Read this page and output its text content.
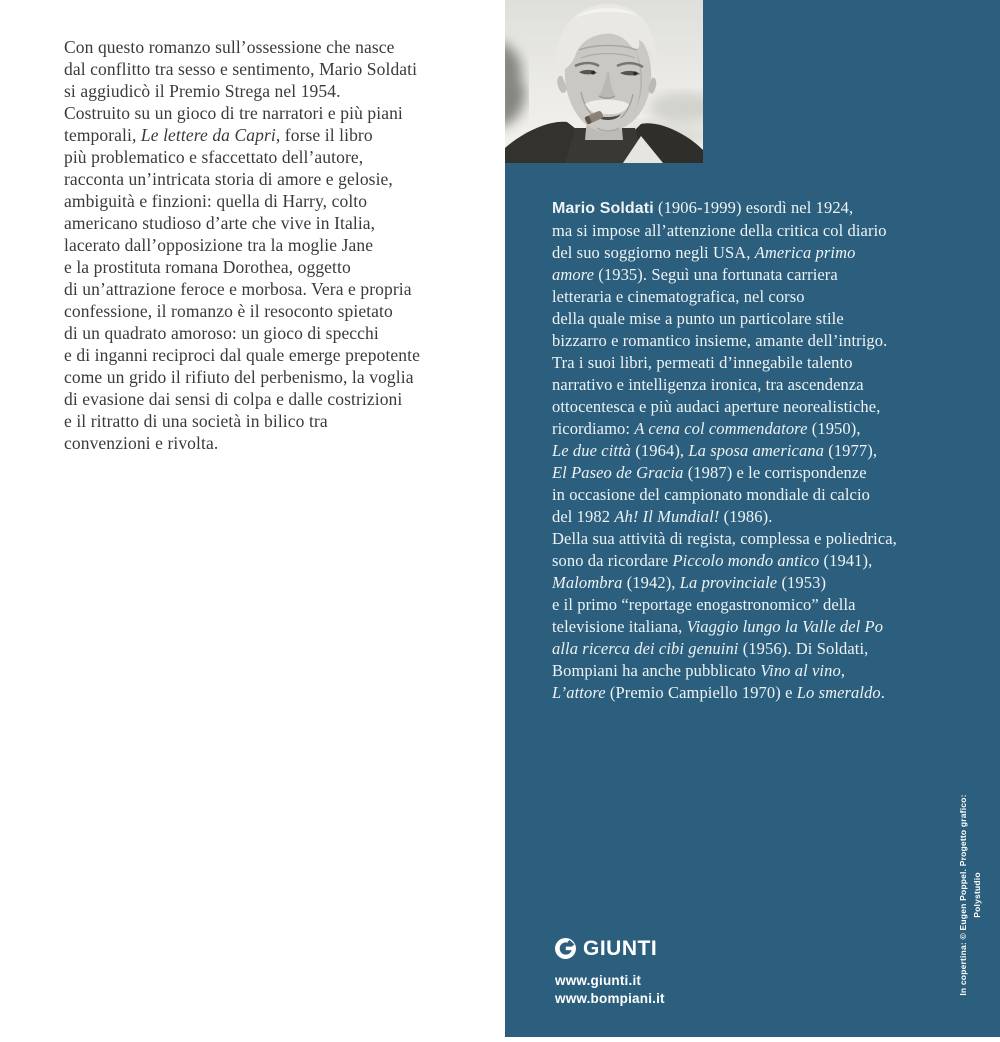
Con questo romanzo sull’ossessione che nasce
dal conflitto tra sesso e sentimento, Mario Soldati
si aggiudicò il Premio Strega nel 1954.
Costruito su un gioco di tre narratori e più piani
temporali, Le lettere da Capri, forse il libro
più problematico e sfaccettato dell’autore,
racconta un’intricata storia di amore e gelosie,
ambiguità e finzioni: quella di Harry, colto
americano studioso d’arte che vive in Italia,
lacerato dall’opposizione tra la moglie Jane
e la prostituta romana Dorothea, oggetto
di un’attrazione feroce e morbosa. Vera e propria
confessione, il romanzo è il resoconto spietato
di un quadrato amoroso: un gioco di specchi
e di inganni reciproci dal quale emerge prepotente
come un grido il rifiuto del perbenismo, la voglia
di evasione dai sensi di colpa e dalle costrizioni
e il ritratto di una società in bilico tra
convenzioni e rivolta.
Mario Soldati (1906-1999) esordì nel 1924,
ma si impose all’attenzione della critica col diario
del suo soggiorno negli USA, America primo
amore (1935). Seguì una fortunata carriera
letteraria e cinematografica, nel corso
della quale mise a punto un particolare stile
bizzarro e romantico insieme, amante dell’intrigo.
Tra i suoi libri, permeati d’innegabile talento
narrativo e intelligenza ironica, tra ascendenza
ottocentesca e più audaci aperture neorealistiche,
ricordiamo: A cena col commendatore (1950),
Le due città (1964), La sposa americana (1977),
El Paseo de Gracia (1987) e le corrispondenze
in occasione del campionato mondiale di calcio
del 1982 Ah! Il Mundial! (1986).
Della sua attività di regista, complessa e poliedrica,
sono da ricordare Piccolo mondo antico (1941),
Malombra (1942), La provinciale (1953)
e il primo “reportage enogastronomico” della
televisione italiana, Viaggio lungo la Valle del Po
alla ricerca dei cibi genuini (1956). Di Soldati,
Bompiani ha anche pubblicato Vino al vino,
L’attore (Premio Campiello 1970) e Lo smeraldo.
GIUNTI
www.giunti.it
www.bompiani.it
In copertina: © Eugen Poppel. Progetto grafico: Polystudio
